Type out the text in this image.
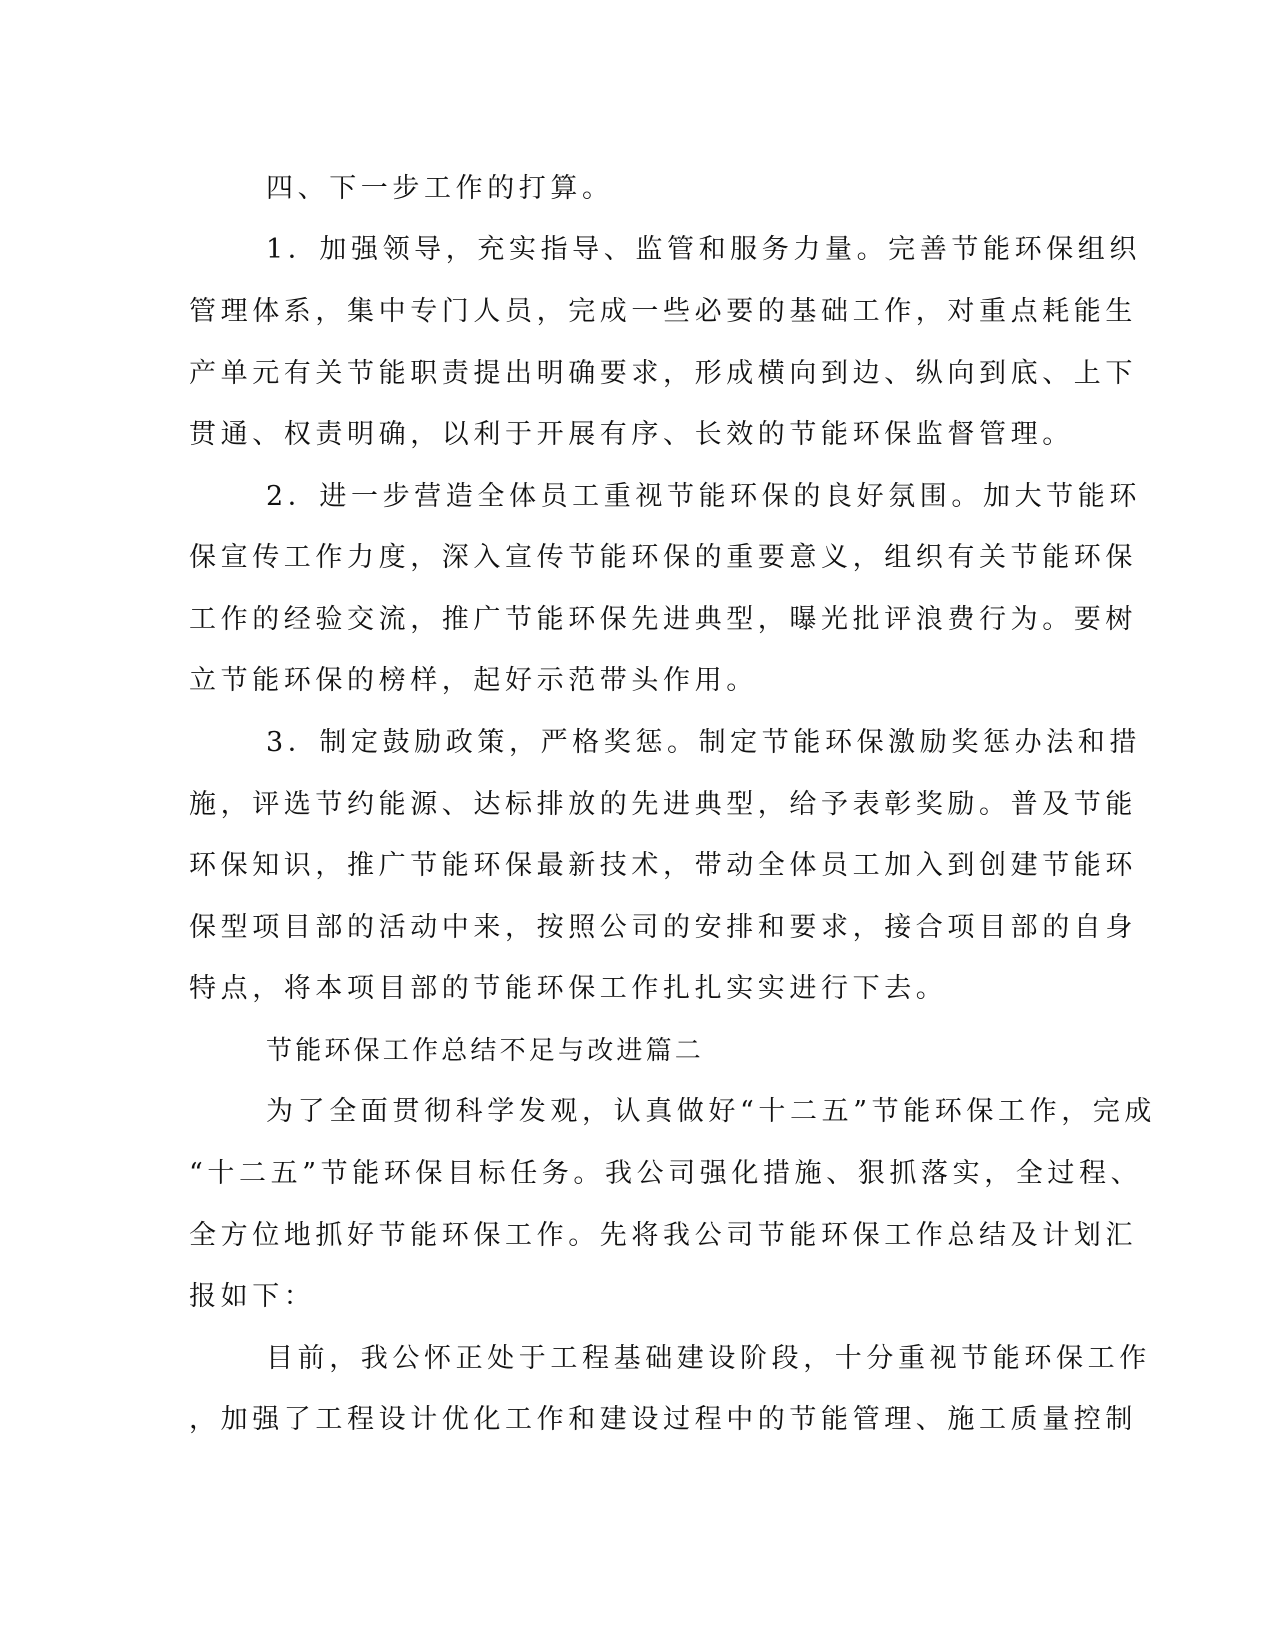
四、下一步工作的打算。
1．加强领导，充实指导、监管和服务力量。完善节能环保组织
管理体系，集中专门人员，完成一些必要的基础工作，对重点耗能生
产单元有关节能职责提出明确要求，形成横向到边、纵向到底、上下
贯通、权责明确，以利于开展有序、长效的节能环保监督管理。
2．进一步营造全体员工重视节能环保的良好氛围。加大节能环
保宣传工作力度，深入宣传节能环保的重要意义，组织有关节能环保
工作的经验交流，推广节能环保先进典型，曝光批评浪费行为。要树
立节能环保的榜样，起好示范带头作用。
3．制定鼓励政策，严格奖惩。制定节能环保激励奖惩办法和措
施，评选节约能源、达标排放的先进典型，给予表彰奖励。普及节能
环保知识，推广节能环保最新技术，带动全体员工加入到创建节能环
保型项目部的活动中来，按照公司的安排和要求，接合项目部的自身
特点，将本项目部的节能环保工作扎扎实实进行下去。
节能环保工作总结不足与改进篇二
为了全面贯彻科学发观，认真做好“十二五”节能环保工作，完成
“十二五”节能环保目标任务。我公司强化措施、狠抓落实，全过程、
全方位地抓好节能环保工作。先将我公司节能环保工作总结及计划汇
报如下：
目前，我公怀正处于工程基础建设阶段，十分重视节能环保工作
，加强了工程设计优化工作和建设过程中的节能管理、施工质量控制
